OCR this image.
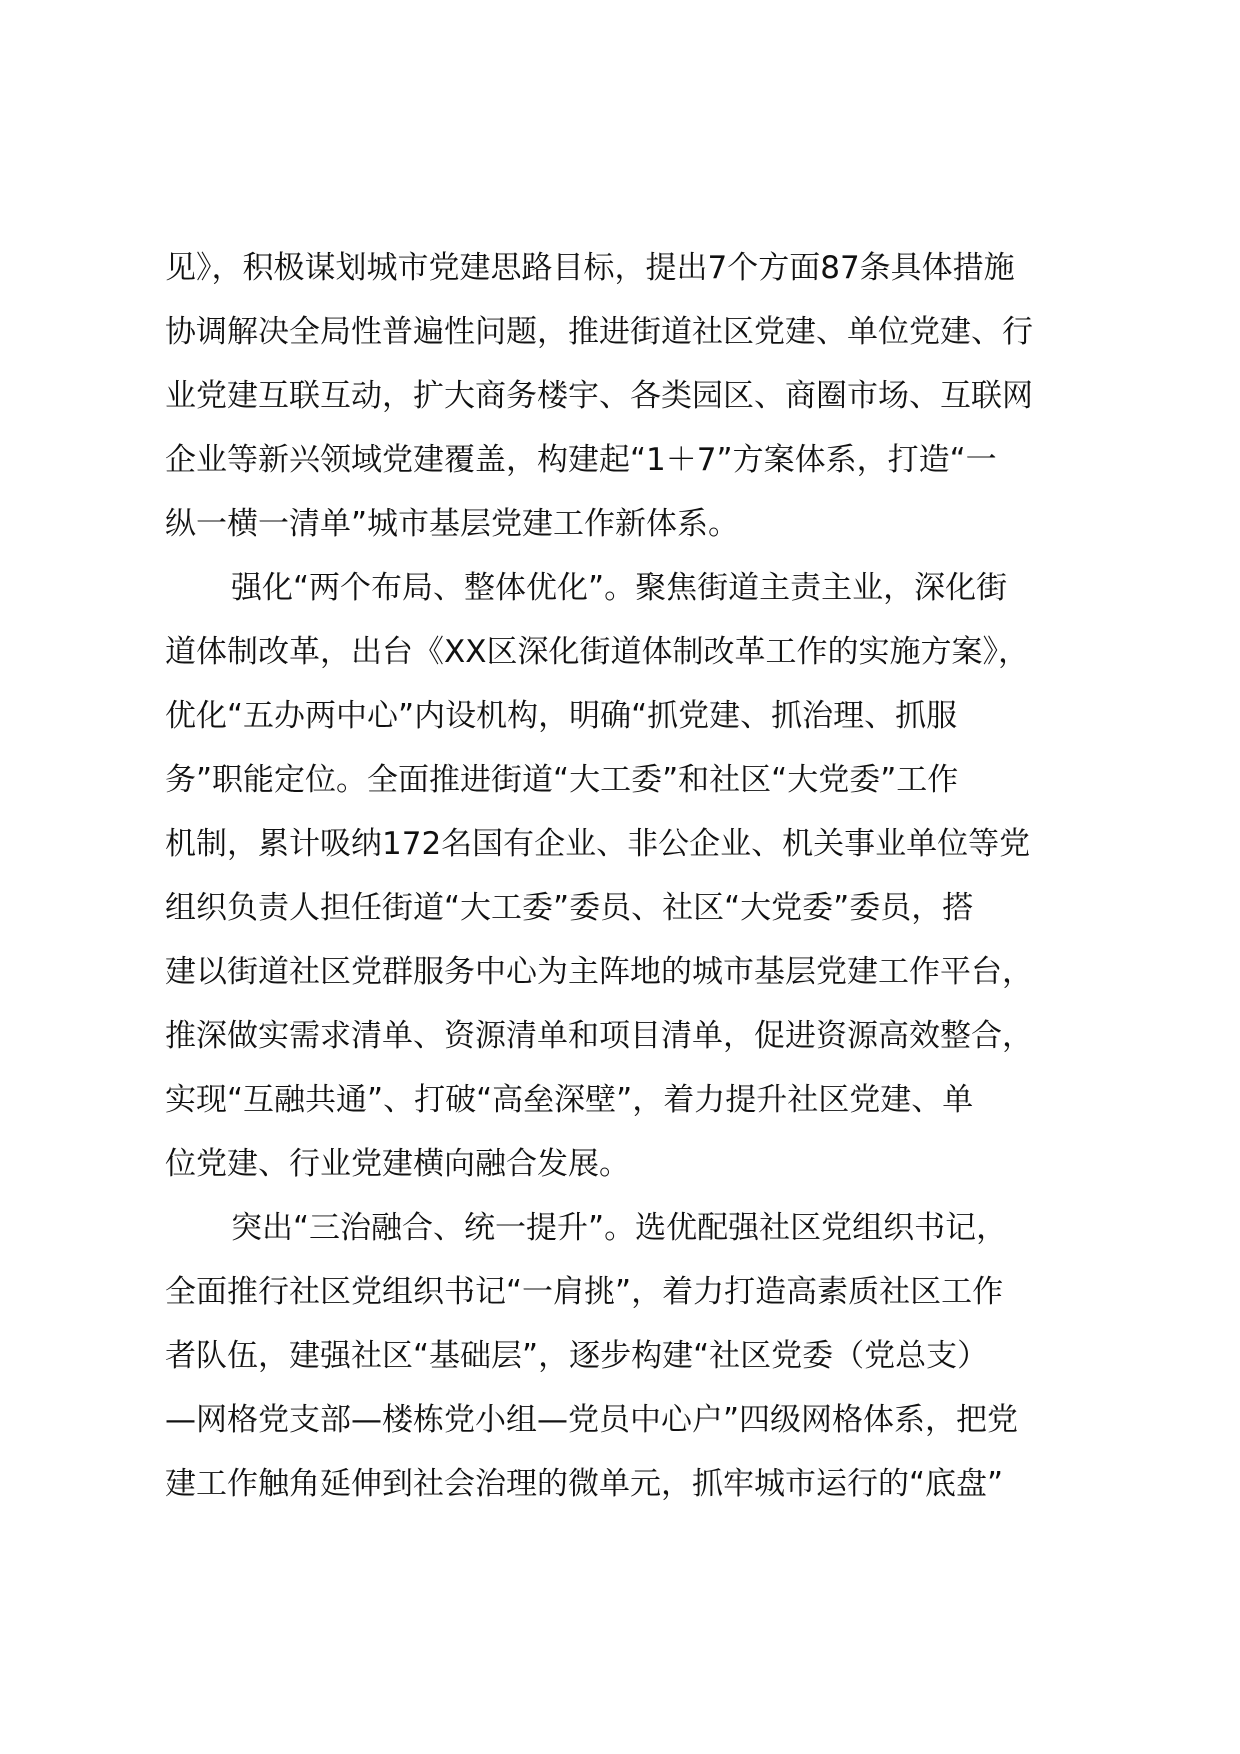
见》，积极谋划城市党建思路目标，提出7个方面87条具体措施
协调解决全局性普遍性问题，推进街道社区党建、单位党建、行
业党建互联互动，扩大商务楼宇、各类园区、商圈市场、互联网
企业等新兴领域党建覆盖，构建起“1＋7”方案体系，打造“一
纵一横一清单”城市基层党建工作新体系。
强化“两个布局、整体优化”。聚焦街道主责主业，深化街
道体制改革，出台《XX区深化街道体制改革工作的实施方案》，
优化“五办两中心”内设机构，明确“抓党建、抓治理、抓服
务”职能定位。全面推进街道“大工委”和社区“大党委”工作
机制，累计吸纳172名国有企业、非公企业、机关事业单位等党
组织负责人担任街道“大工委”委员、社区“大党委”委员，搭
建以街道社区党群服务中心为主阵地的城市基层党建工作平台，
推深做实需求清单、资源清单和项目清单，促进资源高效整合，
实现“互融共通”、打破“高垒深壁”，着力提升社区党建、单
位党建、行业党建横向融合发展。
突出“三治融合、统一提升”。选优配强社区党组织书记，
全面推行社区党组织书记“一肩挑”，着力打造高素质社区工作
者队伍，建强社区“基础层”，逐步构建“社区党委（党总支）
—网格党支部—楼栋党小组—党员中心户”四级网格体系，把党
建工作触角延伸到社会治理的微单元，抓牢城市运行的“底盘”
